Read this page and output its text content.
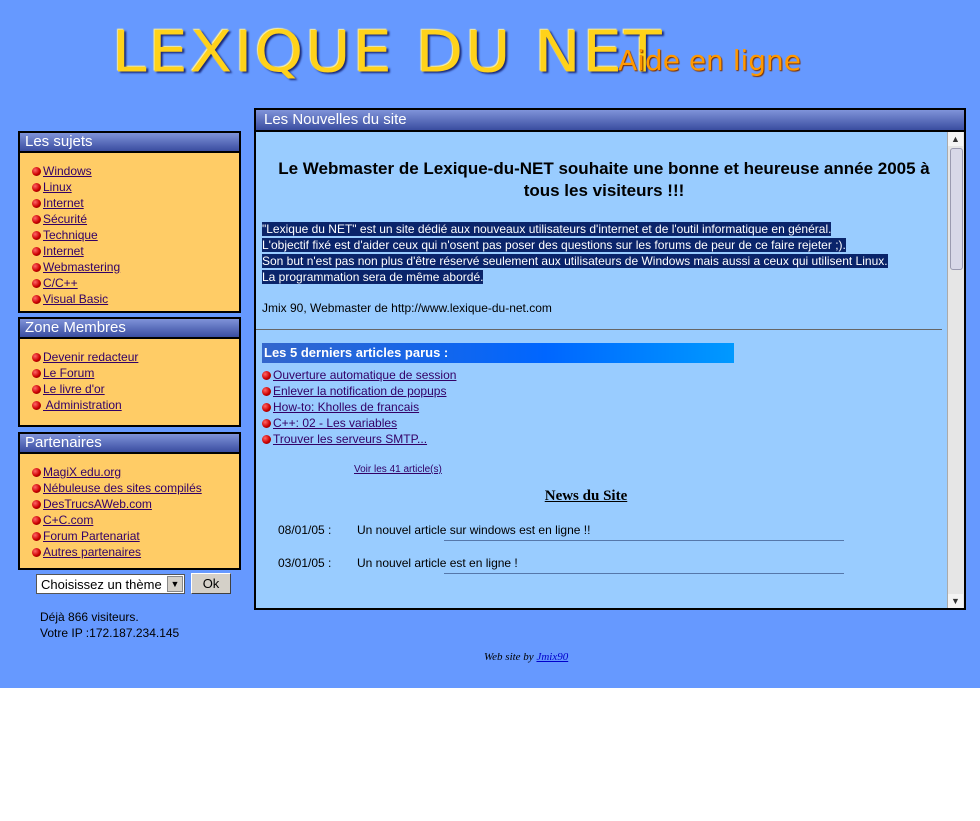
LEXIQUE DU NET
Aide en ligne
Les sujets
Windows
Linux
Internet
Sécurité
Technique
Internet
Webmastering
C/C++
Visual Basic
Zone Membres
Devenir redacteur
Le Forum
Le livre d'or
Administration
Partenaires
MagiX edu.org
Nébuleuse des sites compilés
DesTrucsAWeb.com
C+C.com
Forum Partenariat
Autres partenaires
Choisissez un thème ▼	Ok
Déjà 866 visiteurs.
Votre IP :172.187.234.145
Les Nouvelles du site
▲
▼
Le Webmaster de Lexique-du-NET souhaite une bonne et heureuse année 2005 à tous les visiteurs !!!
"Lexique du NET" est un site dédié aux nouveaux utilisateurs d'internet et de l'outil informatique en général.
L'objectif fixé est d'aider ceux qui n'osent pas poser des questions sur les forums de peur de ce faire rejeter ;).
Son but n'est pas non plus d'être réservé seulement aux utilisateurs de Windows mais aussi a ceux qui utilisent Linux.
La programmation sera de même abordé.
Jmix 90, Webmaster de http://www.lexique-du-net.com
Les 5 derniers articles parus :
Ouverture automatique de session
Enlever la notification de popups
How-to: Kholles de francais
C++: 02 - Les variables
Trouver les serveurs SMTP...
Voir les 41 article(s)
News du Site
08/01/05 : Un nouvel article sur windows est en ligne !!
03/01/05 : Un nouvel article est en ligne !
Web site by Jmix90
